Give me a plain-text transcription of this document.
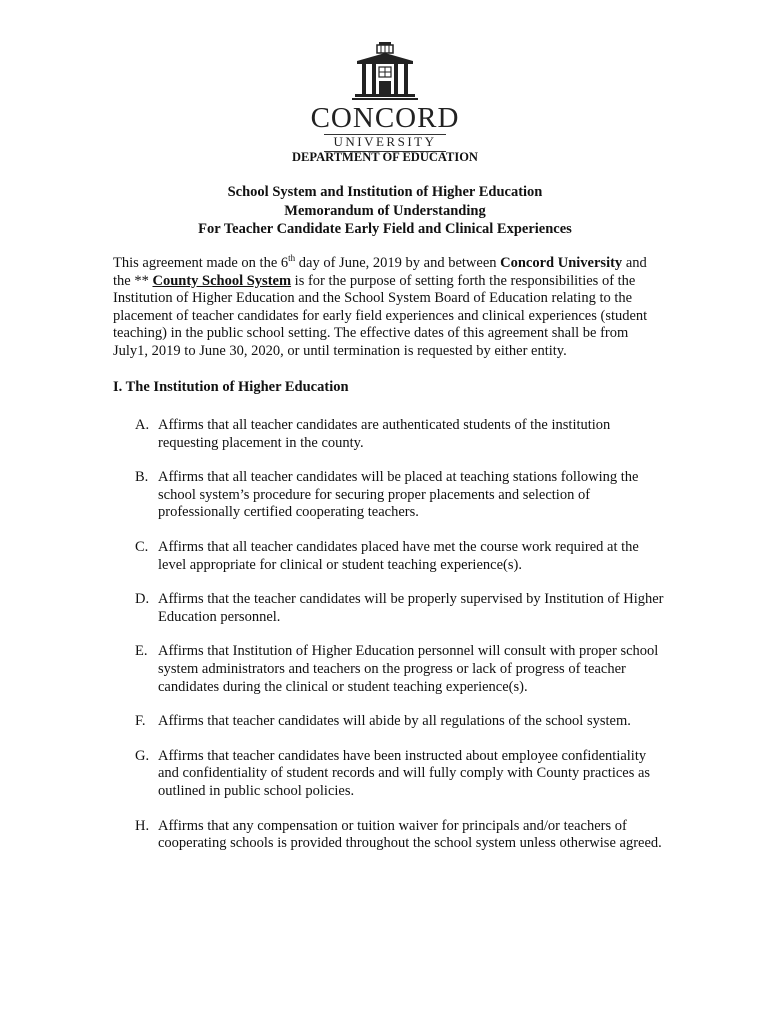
CONCORD
UNIVERSITY
DEPARTMENT OF EDUCATION
School System and Institution of Higher Education
Memorandum of Understanding
For Teacher Candidate Early Field and Clinical Experiences

This agreement made on the 6th day of June, 2019 by and between Concord University and the ** County School System is for the purpose of setting forth the responsibilities of the Institution of Higher Education and the School System Board of Education relating to the placement of teacher candidates for early field experiences and clinical experiences (student teaching) in the public school setting. The effective dates of this agreement shall be from July1, 2019 to June 30, 2020, or until termination is requested by either entity.

I. The Institution of Higher Education
A. Affirms that all teacher candidates are authenticated students of the institution requesting placement in the county.
B. Affirms that all teacher candidates will be placed at teaching stations following the school system’s procedure for securing proper placements and selection of professionally certified cooperating teachers.
C. Affirms that all teacher candidates placed have met the course work required at the level appropriate for clinical or student teaching experience(s).
D. Affirms that the teacher candidates will be properly supervised by Institution of Higher Education personnel.
E. Affirms that Institution of Higher Education personnel will consult with proper school system administrators and teachers on the progress or lack of progress of teacher candidates during the clinical or student teaching experience(s).
F. Affirms that teacher candidates will abide by all regulations of the school system.
G. Affirms that teacher candidates have been instructed about employee confidentiality and confidentiality of student records and will fully comply with County practices as outlined in public school policies.
H. Affirms that any compensation or tuition waiver for principals and/or teachers of cooperating schools is provided throughout the school system unless otherwise agreed.
